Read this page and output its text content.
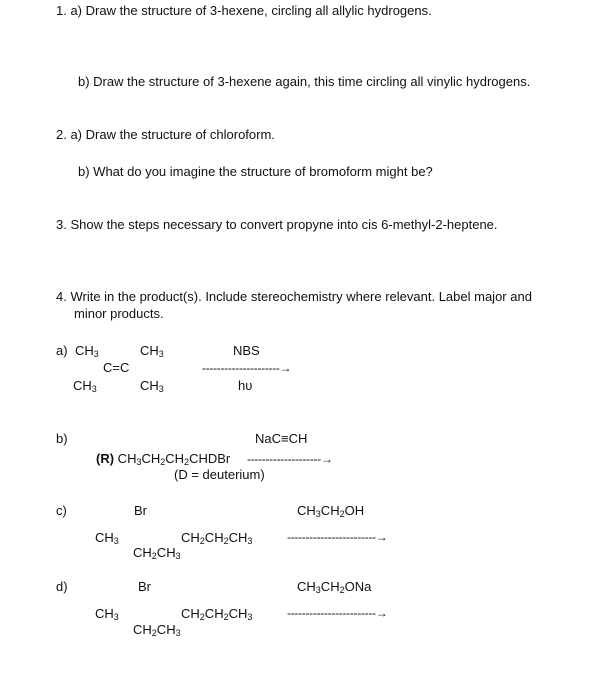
1. a) Draw the structure of 3-hexene, circling all allylic hydrogens.
b) Draw the structure of 3-hexene again, this time circling all vinylic hydrogens.
2. a) Draw the structure of chloroform.
b) What do you imagine the structure of bromoform might be?
3. Show the steps necessary to convert propyne into cis 6-methyl-2-heptene.
4. Write in the product(s). Include stereochemistry where relevant. Label major and
minor products.
a) $CH_3$	$CH_3$
C=C
$CH_3$	$CH_3$
NBS
---------------------→
hυ
b)	NaC≡CH
(R) $CH_3CH_2CH_2CHDBr$ --------------------→
(D = deuterium)
c)	Br	$CH_3CH_2OH$
$CH_3$	$CH_2CH_2CH_3$	------------------------→
$CH_2CH_3$
d)	Br	$CH_3CH_2ONa$
$CH_3$	$CH_2CH_2CH_3$	------------------------→
$CH_2CH_3$
